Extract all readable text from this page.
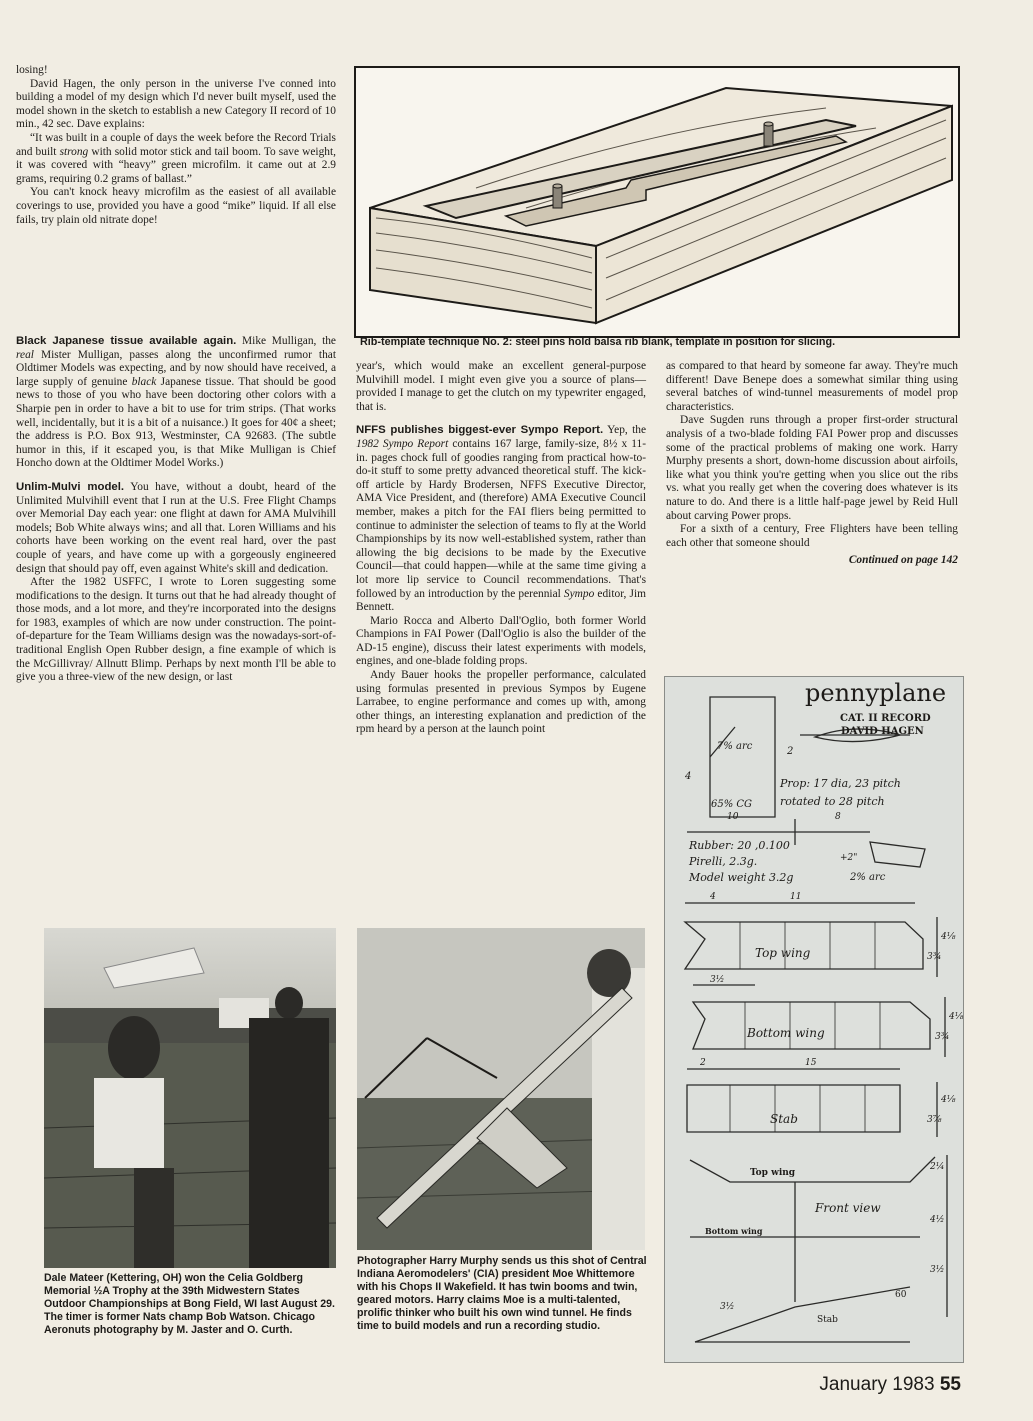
losing!

David Hagen, the only person in the universe I've conned into building a model of my design which I'd never built myself, used the model shown in the sketch to establish a new Category II record of 10 min., 42 sec. Dave explains:

“It was built in a couple of days the week before the Record Trials and built strong with solid motor stick and tail boom. To save weight, it was covered with “heavy” green microfilm. it came out at 2.9 grams, requiring 0.2 grams of ballast.”

You can't knock heavy microfilm as the easiest of all available coverings to use, provided you have a good “mike” liquid. If all else fails, try plain old nitrate dope!

Black Japanese tissue available again. Mike Mulligan, the real Mister Mulligan, passes along the unconfirmed rumor that Oldtimer Models was expecting, and by now should have received, a large supply of genuine black Japanese tissue. That should be good news to those of you who have been doctoring other colors with a Sharpie pen in order to have a bit to use for trim strips. (That works well, incidentally, but it is a bit of a nuisance.) It goes for 40¢ a sheet; the address is P.O. Box 913, Westminster, CA 92683. (The subtle humor in this, if it escaped you, is that Mike Mulligan is Chief Honcho down at the Oldtimer Model Works.)

Unlim-Mulvi model. You have, without a doubt, heard of the Unlimited Mulvihill event that I run at the U.S. Free Flight Champs over Memorial Day each year: one flight at dawn for AMA Mulvihill models; Bob White always wins; and all that. Loren Williams and his cohorts have been working on the event real hard, over the past couple of years, and have come up with a gorgeously engineered design that should pay off, even against White's skill and dedication.

After the 1982 USFFC, I wrote to Loren suggesting some modifications to the design. It turns out that he had already thought of those mods, and a lot more, and they're incorporated into the designs for 1983, examples of which are now under construction. The point-of-departure for the Team Williams design was the nowadays-sort-of-traditional English Open Rubber design, a fine example of which is the McGillivray/ Allnutt Blimp. Perhaps by next month I'll be able to give you a three-view of the new design, or last

Rib-template technique No. 2: steel pins hold balsa rib blank, template in position for slicing.

year's, which would make an excellent general-purpose Mulvihill model. I might even give you a source of plans—provided I manage to get the clutch on my typewriter engaged, that is.

NFFS publishes biggest-ever Sympo Report. Yep, the 1982 Sympo Report contains 167 large, family-size, 8½ x 11-in. pages chock full of goodies ranging from practical how-to-do-it stuff to some pretty advanced theoretical stuff. The kick-off article by Hardy Brodersen, NFFS Executive Director, AMA Vice President, and (therefore) AMA Executive Council member, makes a pitch for the FAI fliers being permitted to continue to administer the selection of teams to fly at the World Championships by its now well-established system, rather than allowing the big decisions to be made by the Executive Council—that could happen—while at the same time giving a lot more lip service to Council recommendations. That's followed by an introduction by the perennial Sympo editor, Jim Bennett.

Mario Rocca and Alberto Dall'Oglio, both former World Champions in FAI Power (Dall'Oglio is also the builder of the AD-15 engine), discuss their latest experiments with models, engines, and one-blade folding props.

Andy Bauer hooks the propeller performance, calculated using formulas presented in previous Sympos by Eugene Larrabee, to engine performance and comes up with, among other things, an interesting explanation and prediction of the rpm heard by a person at the launch point

as compared to that heard by someone far away. They're much different! Dave Benepe does a somewhat similar thing using several batches of wind-tunnel measurements of model prop characteristics.

Dave Sugden runs through a proper first-order structural analysis of a two-blade folding FAI Power prop and discusses some of the practical problems of making one work. Harry Murphy presents a short, down-home discussion about airfoils, like what you think you're getting when you slice out the ribs vs. what you really get when the covering does whatever is its nature to do. And there is a little half-page jewel by Reid Hull about carving Power props.

For a sixth of a century, Free Flighters have been telling each other that someone should

Continued on page 142
Dale Mateer (Kettering, OH) won the Celia Goldberg Memorial ½A Trophy at the 39th Midwestern States Outdoor Championships at Bong Field, WI last August 29. The timer is former Nats champ Bob Watson. Chicago Aeronuts photography by M. Jaster and O. Curth.
Photographer Harry Murphy sends us this shot of Central Indiana Aeromodelers' (CIA) president Moe Whittemore with his Chops II Wakefield. It has twin booms and twin, geared motors. Harry claims Moe is a multi-talented, prolific thinker who built his own wind tunnel. He finds time to build models and run a recording studio.
pennyplane
CAT. II RECORD
DAVID HAGEN
7% arc	2
4
Prop: 17 dia, 23 pitch
rotated to 28 pitch
65% CG
10	8
Rubber: 20 ,0.100
Pirelli, 2.3g.
Model weight 3.2g
+2"
2% arc
4	11
Top wing
4⅛
3¾
3½
Bottom wing
4⅛
3¾
2	15
Stab
4⅛
3⅞
Top wing
Front view
Bottom wing
2¼
4½
3½
3½
Stab
60
January 1983 55
